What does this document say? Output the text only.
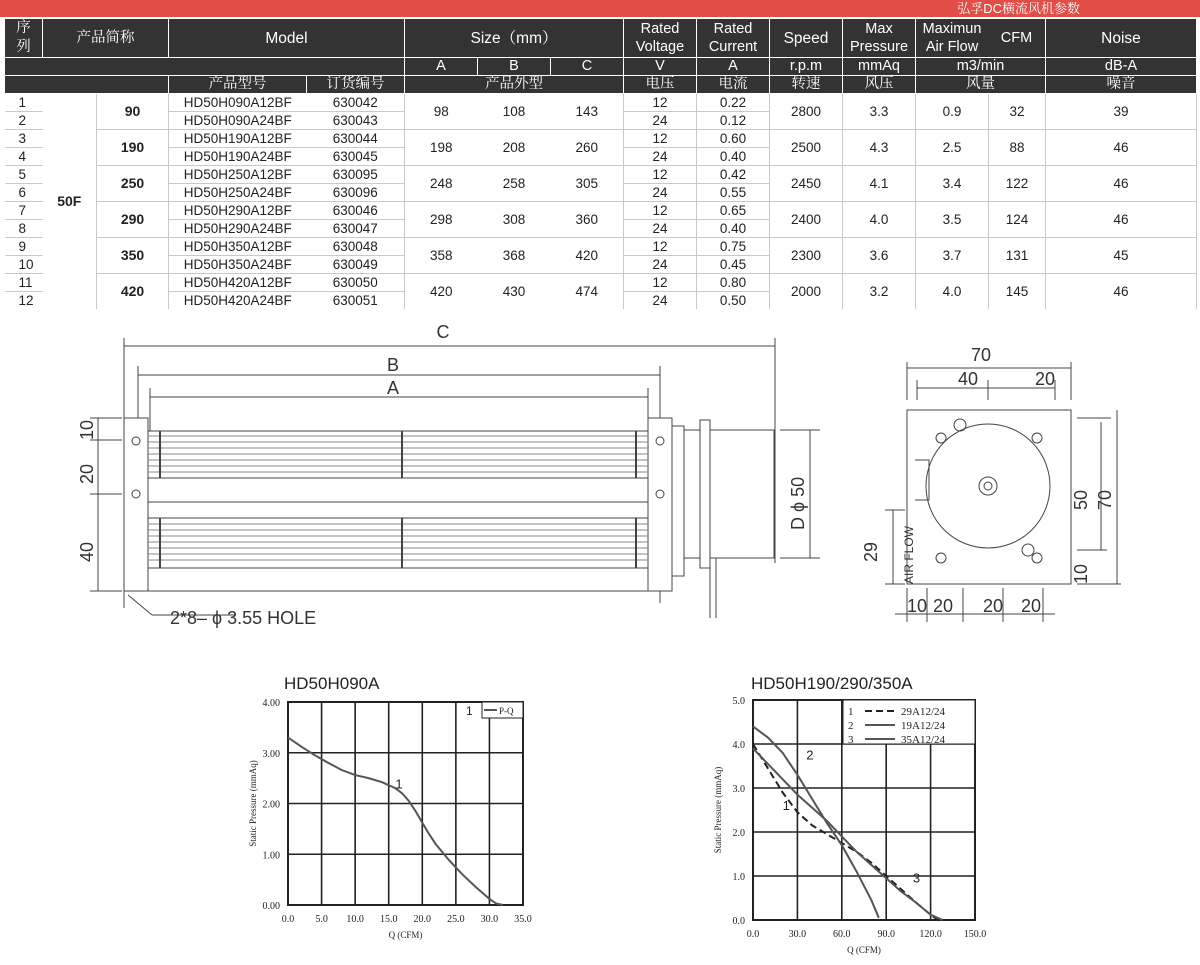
弘孚DC横流风机参数
序
列	产品简称		Model		Size（mm）			Rated
Voltage	Rated
Current	Speed	Max
Pressure	Maximun
Air Flow
CFM		Noise	

					A	B	C	V	A	r.p.m	mmAq	m3/min		dB-A	
			产品型号	订货编号	产品外型			电压	电流	转速	风压	风量		噪音	
1	50F	90	HD50H090A12BF	630042	98	108	143	12	0.22	2800	3.3	0.9	32	39	
2			HD50H090A24BF	630043				24	0.12						
3		190	HD50H190A12BF	630044	198	208	260	12	0.60	2500	4.3	2.5	88	46	
4			HD50H190A24BF	630045				24	0.40						
5		250	HD50H250A12BF	630095	248	258	305	12	0.42	2450	4.1	3.4	122	46	
6			HD50H250A24BF	630096				24	0.55						
7		290	HD50H290A12BF	630046	298	308	360	12	0.65	2400	4.0	3.5	124	46	
8			HD50H290A24BF	630047				24	0.40						
9		350	HD50H350A12BF	630048	358	368	420	12	0.75	2300	3.6	3.7	131	45	
10			HD50H350A24BF	630049				24	0.45						
11		420	HD50H420A12BF	630050	420	430	474	12	0.80	2000	3.2	4.0	145	46	
12			HD50H420A24BF	630051				24	0.50						
C
B
A
10
20
40
D ϕ 50
2*8– ϕ 3.55 HOLE
70
40	20
50 70
29
10
AIR FLOW
10 20 20 20
HD50H090A
0.0 5.0 10.0 15.0 20.0 25.0 30.0 35.0
0.00
1.00
2.00
3.00
4.00
Q (CFM)
Static Pressure (mmAq)	1
1	P-Q
HD50H190/290/350A
0.0	30.0	60.0	90.0 120.0 150.0
0.0
1.0
2.0
3.0
4.0
5.0
Q (CFM)
Static Pressure (mmAq)	1
2
3
1	29A12/24
2	19A12/24
3	35A12/24
